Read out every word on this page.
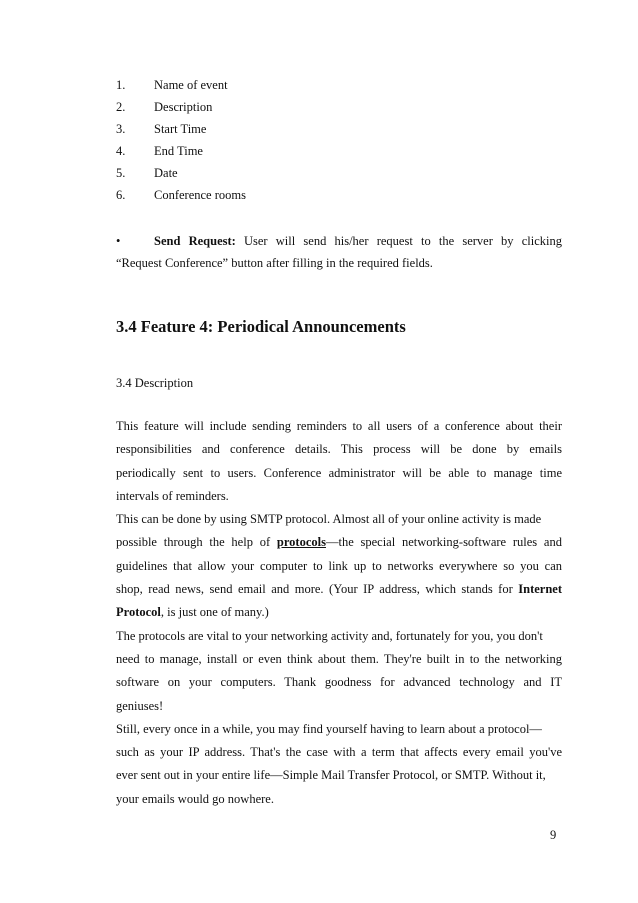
1.	Name of event
2.	Description
3.	Start Time
4.	End Time
5.	Date
6.	Conference rooms
•	Send Request: User will send his/her request to the server by clicking
“Request Conference” button after filling in the required fields.
3.4 Feature 4: Periodical Announcements
3.4 Description
This feature will include sending reminders to all users of a conference about their
responsibilities and conference details. This process will be done by emails
periodically sent to users. Conference administrator will be able to manage time
intervals of reminders.
This can be done by using SMTP protocol. Almost all of your online activity is made
possible through the help of protocols—the special networking-software rules and
guidelines that allow your computer to link up to networks everywhere so you can
shop, read news, send email and more. (Your IP address, which stands for Internet
Protocol, is just one of many.)
The protocols are vital to your networking activity and, fortunately for you, you don't
need to manage, install or even think about them. They're built in to the networking
software on your computers. Thank goodness for advanced technology and IT
geniuses!
Still, every once in a while, you may find yourself having to learn about a protocol—
such as your IP address. That's the case with a term that affects every email you've
ever sent out in your entire life—Simple Mail Transfer Protocol, or SMTP. Without it,
your emails would go nowhere.
9
